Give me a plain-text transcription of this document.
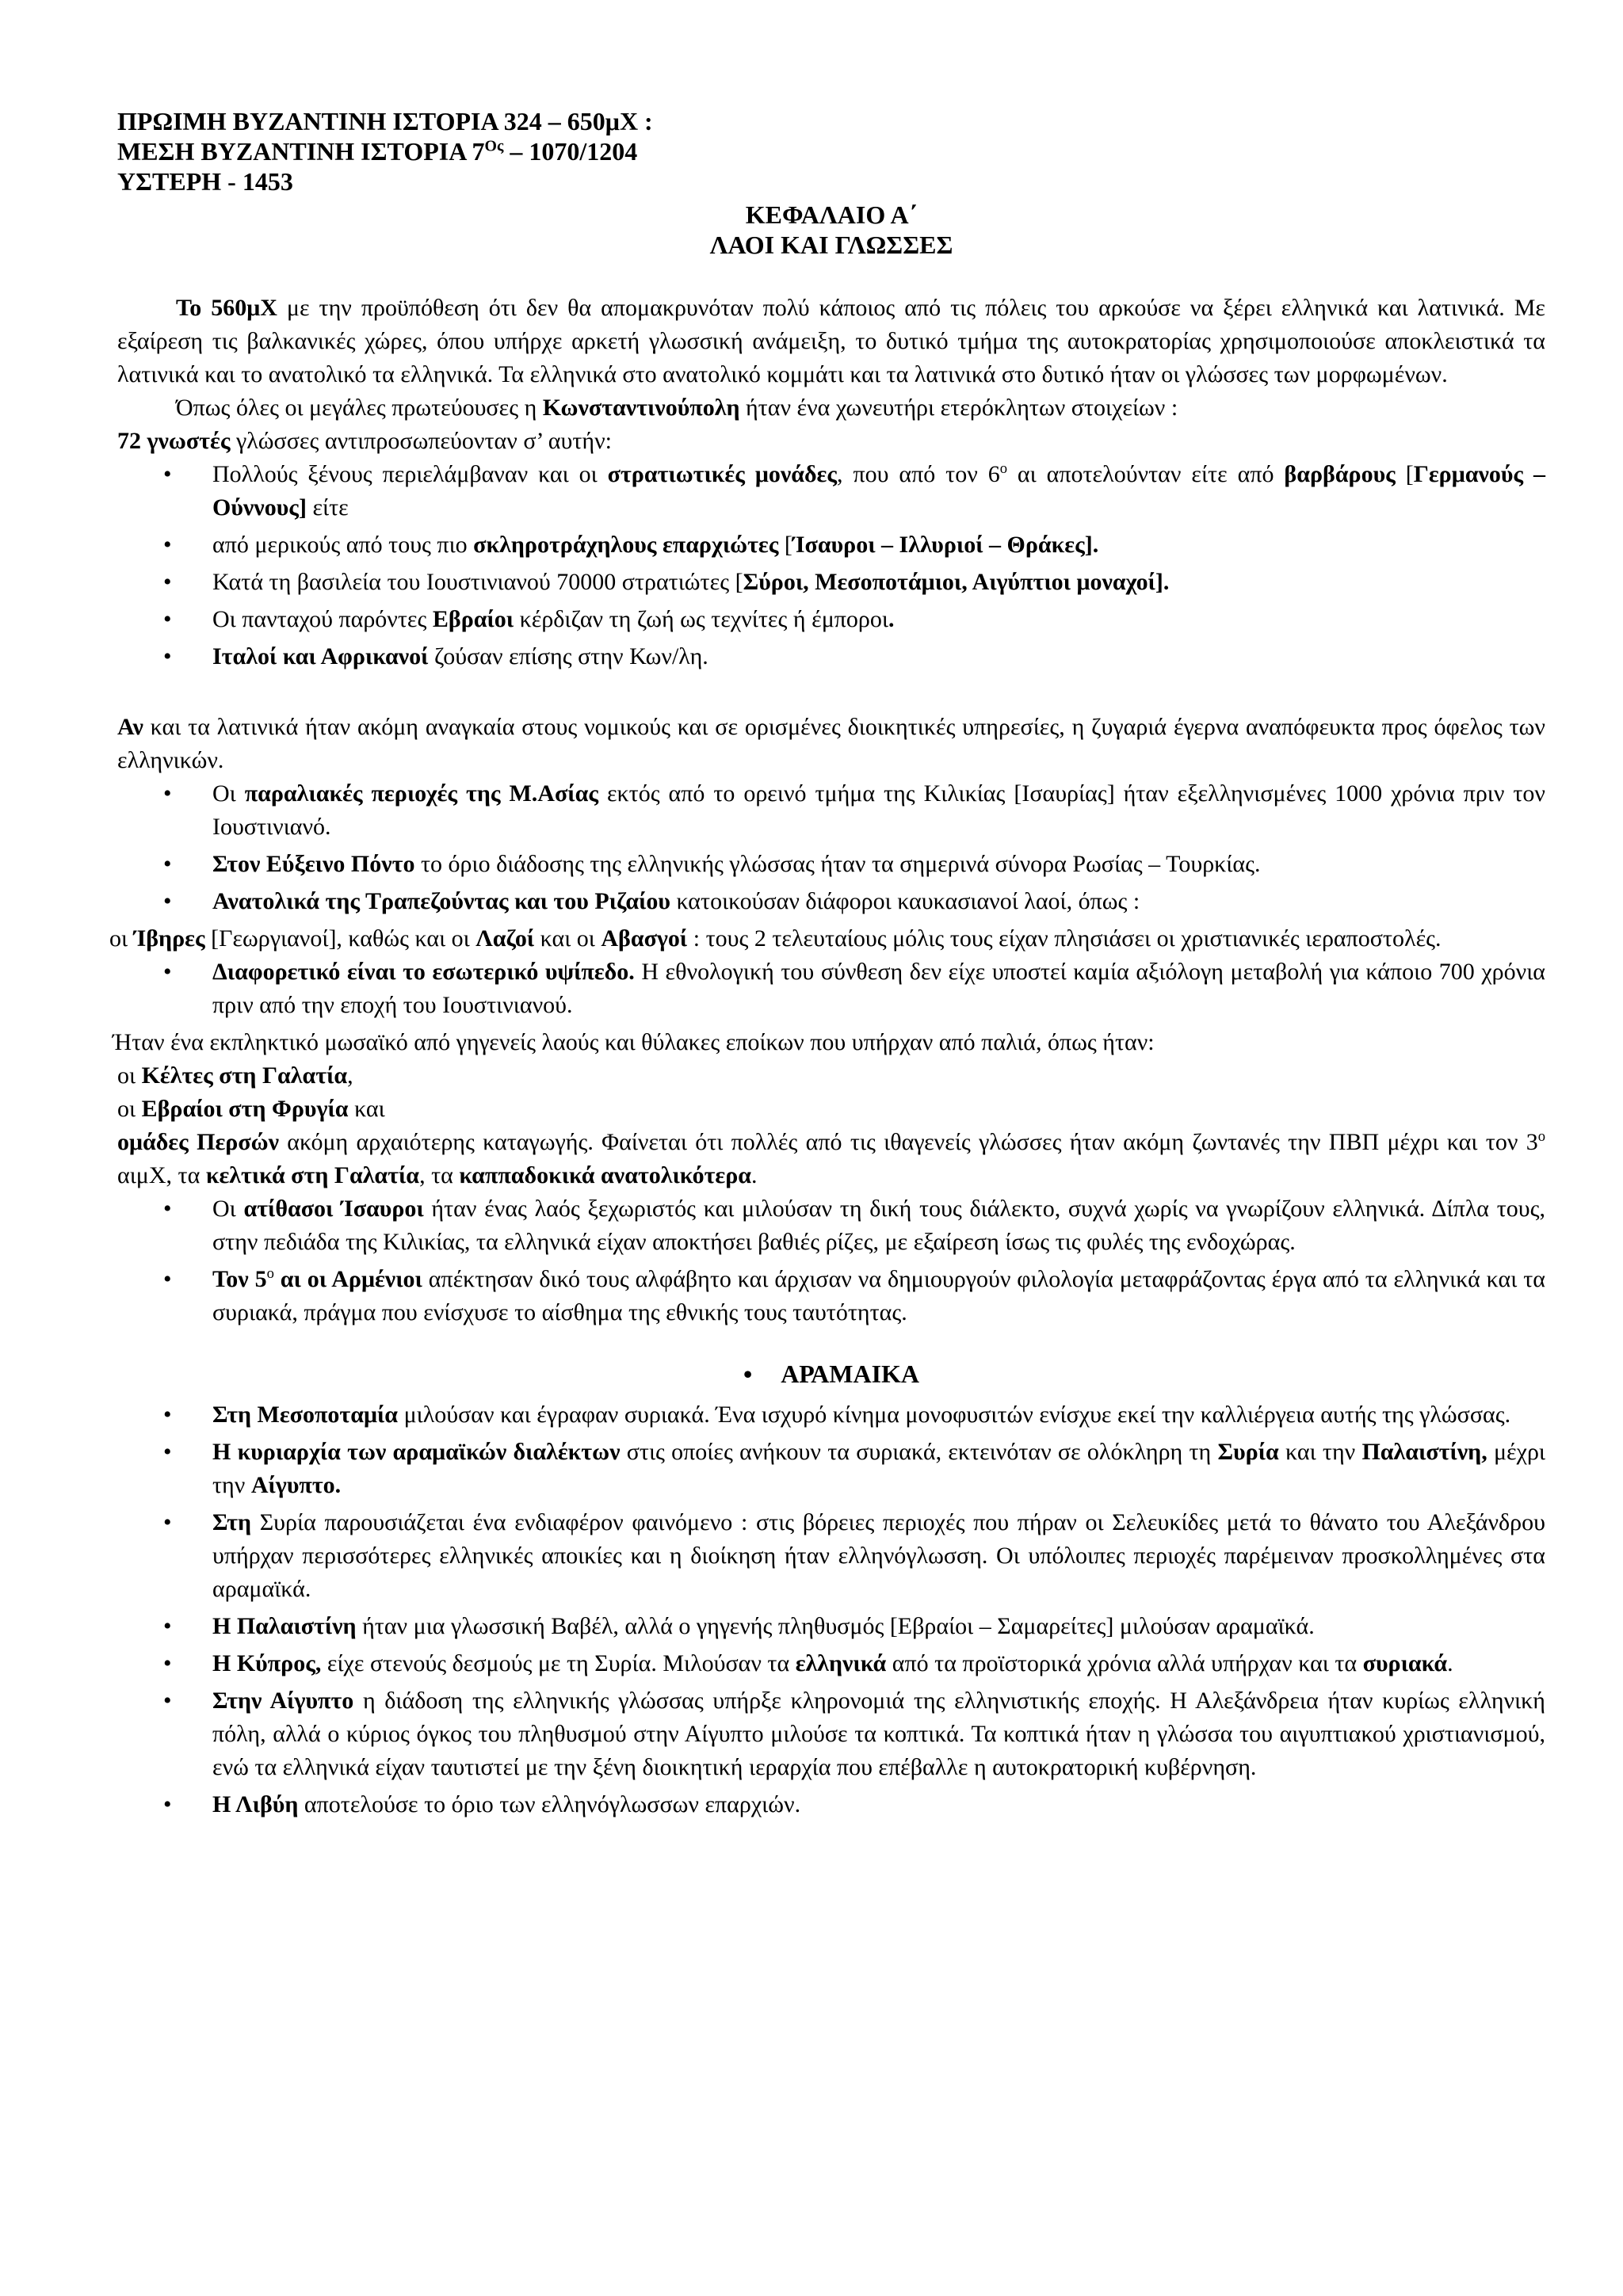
ΠΡΩΙΜΗ ΒΥΖΑΝΤΙΝΗ ΙΣΤΟΡΙΑ 324 – 650μΧ :

ΜΕΣΗ ΒΥΖΑΝΤΙΝΗ ΙΣΤΟΡΙΑ $7^{O\varsigma} - 1070/1204$

ΥΣΤΕΡΗ - 1453

ΚΕΦΑΛΑΙΟ Α΄

ΛΑΟΙ ΚΑΙ ΓΛΩΣΣΕΣ

Το 560μΧ με την προϋπόθεση ότι δεν θα απομακρυνόταν πολύ κάποιος από τις πόλεις του αρκούσε να ξέρει ελληνικά και λατινικά. Με εξαίρεση τις βαλκανικές χώρες, όπου υπήρχε αρκετή γλωσσική ανάμειξη, το δυτικό τμήμα της αυτοκρατορίας χρησιμοποιούσε αποκλειστικά τα λατινικά και το ανατολικό τα ελληνικά. Τα ελληνικά στο ανατολικό κομμάτι και τα λατινικά στο δυτικό ήταν οι γλώσσες των μορφωμένων.

Όπως όλες οι μεγάλες πρωτεύουσες η Κωνσταντινούπολη ήταν ένα χωνευτήρι ετερόκλητων στοιχείων :

72 γνωστές γλώσσες αντιπροσωπεύονταν σ’ αυτήν:

• Πολλούς ξένους περιελάμβαναν και οι στρατιωτικές μονάδες, που από τον $6^o$ αι αποτελούνταν είτε από βαρβάρους [Γερμανούς – Ούννους] είτε
• από μερικούς από τους πιο σκληροτράχηλους επαρχιώτες [Ίσαυροι – Ιλλυριοί – Θράκες].
• Κατά τη βασιλεία του Ιουστινιανού 70000 στρατιώτες [Σύροι, Μεσοποτάμιοι, Αιγύπτιοι μοναχοί].
• Οι πανταχού παρόντες Εβραίοι κέρδιζαν τη ζωή ως τεχνίτες ή έμποροι.
• Ιταλοί και Αφρικανοί ζούσαν επίσης στην Κων/λη.

Αν και τα λατινικά ήταν ακόμη αναγκαία στους νομικούς και σε ορισμένες διοικητικές υπηρεσίες, η ζυγαριά έγερνα αναπόφευκτα προς όφελος των ελληνικών.

• Οι παραλιακές περιοχές της Μ.Ασίας εκτός από το ορεινό τμήμα της Κιλικίας [Ισαυρίας] ήταν εξελληνισμένες 1000 χρόνια πριν τον Ιουστινιανό.
• Στον Εύξεινο Πόντο το όριο διάδοσης της ελληνικής γλώσσας ήταν τα σημερινά σύνορα Ρωσίας – Τουρκίας.
• Ανατολικά της Τραπεζούντας και του Ριζαίου κατοικούσαν διάφοροι καυκασιανοί λαοί, όπως :

οι Ίβηρες [Γεωργιανοί], καθώς και οι Λαζοί και οι Αβασγοί : τους 2 τελευταίους μόλις τους είχαν πλησιάσει οι χριστιανικές ιεραποστολές.

• Διαφορετικό είναι το εσωτερικό υψίπεδο. Η εθνολογική του σύνθεση δεν είχε υποστεί καμία αξιόλογη μεταβολή για κάποιο 700 χρόνια πριν από την εποχή του Ιουστινιανού.

Ήταν ένα εκπληκτικό μωσαϊκό από γηγενείς λαούς και θύλακες εποίκων που υπήρχαν από παλιά, όπως ήταν:

οι Κέλτες στη Γαλατία,

οι Εβραίοι στη Φρυγία και

ομάδες Περσών ακόμη αρχαιότερης καταγωγής. Φαίνεται ότι πολλές από τις ιθαγενείς γλώσσες ήταν ακόμη ζωντανές την ΠΒΠ μέχρι και τον $3^o$ αιμΧ, τα κελτικά στη Γαλατία, τα καππαδοκικά ανατολικότερα.

• Οι ατίθασοι Ίσαυροι ήταν ένας λαός ξεχωριστός και μιλούσαν τη δική τους διάλεκτο, συχνά χωρίς να γνωρίζουν ελληνικά. Δίπλα τους, στην πεδιάδα της Κιλικίας, τα ελληνικά είχαν αποκτήσει βαθιές ρίζες, με εξαίρεση ίσως τις φυλές της ενδοχώρας.
• Τον $5^o$ αι οι Αρμένιοι απέκτησαν δικό τους αλφάβητο και άρχισαν να δημιουργούν φιλολογία μεταφράζοντας έργα από τα ελληνικά και τα συριακά, πράγμα που ενίσχυσε το αίσθημα της εθνικής τους ταυτότητας.

• ΑΡΑΜΑΙΚΑ

• Στη Μεσοποταμία μιλούσαν και έγραφαν συριακά. Ένα ισχυρό κίνημα μονοφυσιτών ενίσχυε εκεί την καλλιέργεια αυτής της γλώσσας.
• Η κυριαρχία των αραμαϊκών διαλέκτων στις οποίες ανήκουν τα συριακά, εκτεινόταν σε ολόκληρη τη Συρία και την Παλαιστίνη, μέχρι την Αίγυπτο.
• Στη Συρία παρουσιάζεται ένα ενδιαφέρον φαινόμενο : στις βόρειες περιοχές που πήραν οι Σελευκίδες μετά το θάνατο του Αλεξάνδρου υπήρχαν περισσότερες ελληνικές αποικίες και η διοίκηση ήταν ελληνόγλωσση. Οι υπόλοιπες περιοχές παρέμειναν προσκολλημένες στα αραμαϊκά.
• Η Παλαιστίνη ήταν μια γλωσσική Βαβέλ, αλλά ο γηγενής πληθυσμός [Εβραίοι – Σαμαρείτες] μιλούσαν αραμαϊκά.
• Η Κύπρος, είχε στενούς δεσμούς με τη Συρία. Μιλούσαν τα ελληνικά από τα προϊστορικά χρόνια αλλά υπήρχαν και τα συριακά.
• Στην Αίγυπτο η διάδοση της ελληνικής γλώσσας υπήρξε κληρονομιά της ελληνιστικής εποχής. Η Αλεξάνδρεια ήταν κυρίως ελληνική πόλη, αλλά ο κύριος όγκος του πληθυσμού στην Αίγυπτο μιλούσε τα κοπτικά. Τα κοπτικά ήταν η γλώσσα του αιγυπτιακού χριστιανισμού, ενώ τα ελληνικά είχαν ταυτιστεί με την ξένη διοικητική ιεραρχία που επέβαλλε η αυτοκρατορική κυβέρνηση.
• Η Λιβύη αποτελούσε το όριο των ελληνόγλωσσων επαρχιών.
